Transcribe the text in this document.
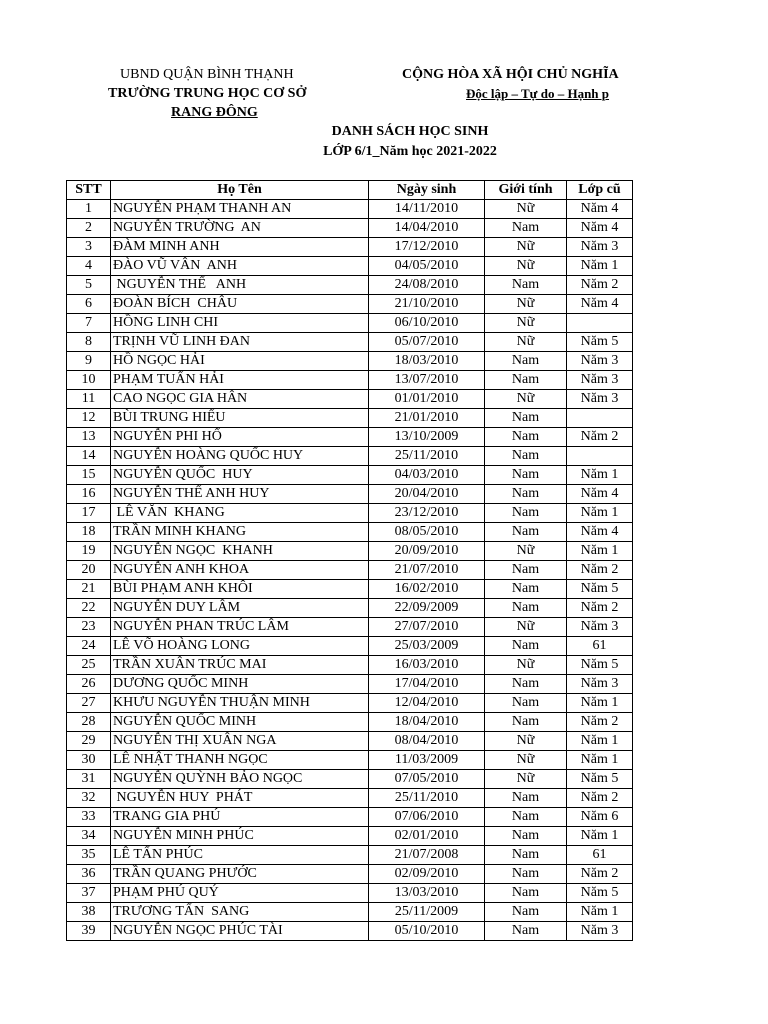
UBND QUẬN BÌNH THẠNH
TRƯỜNG TRUNG HỌC CƠ SỞ
RANG ĐÔNG
CỘNG HÒA XÃ HỘI CHỦ NGHĨA
Độc lập – Tự do – Hạnh p
DANH SÁCH HỌC SINH
LỚP 6/1_Năm học 2021-2022
STT	Họ Tên	Ngày sinh	Giới tính	Lớp cũ
1	NGUYỄN PHẠM THANH AN	14/11/2010	Nữ	Năm 4
2	NGUYỄN TRƯỜNG  AN	14/04/2010	Nam	Năm 4
3	ĐÀM MINH ANH	17/12/2010	Nữ	Năm 3
4	ĐÀO VŨ VÂN  ANH	04/05/2010	Nữ	Năm 1
5	NGUYỄN THẾ   ANH	24/08/2010	Nam	Năm 2
6	ĐOÀN BÍCH  CHÂU	21/10/2010	Nữ	Năm 4
7	HỒNG LINH CHI	06/10/2010	Nữ	
8	TRỊNH VŨ LINH ĐAN	05/07/2010	Nữ	Năm 5
9	HỒ NGỌC HẢI	18/03/2010	Nam	Năm 3
10	PHẠM TUẤN HẢI	13/07/2010	Nam	Năm 3
11	CAO NGỌC GIA HÂN	01/01/2010	Nữ	Năm 3
12	BÙI TRUNG HIẾU	21/01/2010	Nam	
13	NGUYỄN PHI HỔ	13/10/2009	Nam	Năm 2
14	NGUYỄN HOÀNG QUỐC HUY	25/11/2010	Nam	
15	NGUYỄN QUỐC  HUY	04/03/2010	Nam	Năm 1
16	NGUYỄN THẾ ANH HUY	20/04/2010	Nam	Năm 4
17	LÊ VĂN  KHANG	23/12/2010	Nam	Năm 1
18	TRẦN MINH KHANG	08/05/2010	Nam	Năm 4
19	NGUYỄN NGỌC  KHANH	20/09/2010	Nữ	Năm 1
20	NGUYỄN ANH KHOA	21/07/2010	Nam	Năm 2
21	BÙI PHẠM ANH KHÔI	16/02/2010	Nam	Năm 5
22	NGUYỄN DUY LÂM	22/09/2009	Nam	Năm 2
23	NGUYỄN PHAN TRÚC LÂM	27/07/2010	Nữ	Năm 3
24	LÊ VÕ HOÀNG LONG	25/03/2009	Nam	61
25	TRẦN XUÂN TRÚC MAI	16/03/2010	Nữ	Năm 5
26	DƯƠNG QUỐC MINH	17/04/2010	Nam	Năm 3
27	KHƯU NGUYỄN THUẬN MINH	12/04/2010	Nam	Năm 1
28	NGUYỄN QUỐC MINH	18/04/2010	Nam	Năm 2
29	NGUYỄN THỊ XUÂN NGA	08/04/2010	Nữ	Năm 1
30	LÊ NHẬT THANH NGỌC	11/03/2009	Nữ	Năm 1
31	NGUYỄN QUỲNH BẢO NGỌC	07/05/2010	Nữ	Năm 5
32	NGUYỄN HUY  PHÁT	25/11/2010	Nam	Năm 2
33	TRANG GIA PHÚ	07/06/2010	Nam	Năm 6
34	NGUYỄN MINH PHÚC	02/01/2010	Nam	Năm 1
35	LÊ TẤN PHÚC	21/07/2008	Nam	61
36	TRẦN QUANG PHƯỚC	02/09/2010	Nam	Năm 2
37	PHẠM PHÚ QUÝ	13/03/2010	Nam	Năm 5
38	TRƯƠNG TẤN  SANG	25/11/2009	Nam	Năm 1
39	NGUYỄN NGỌC PHÚC TÀI	05/10/2010	Nam	Năm 3
